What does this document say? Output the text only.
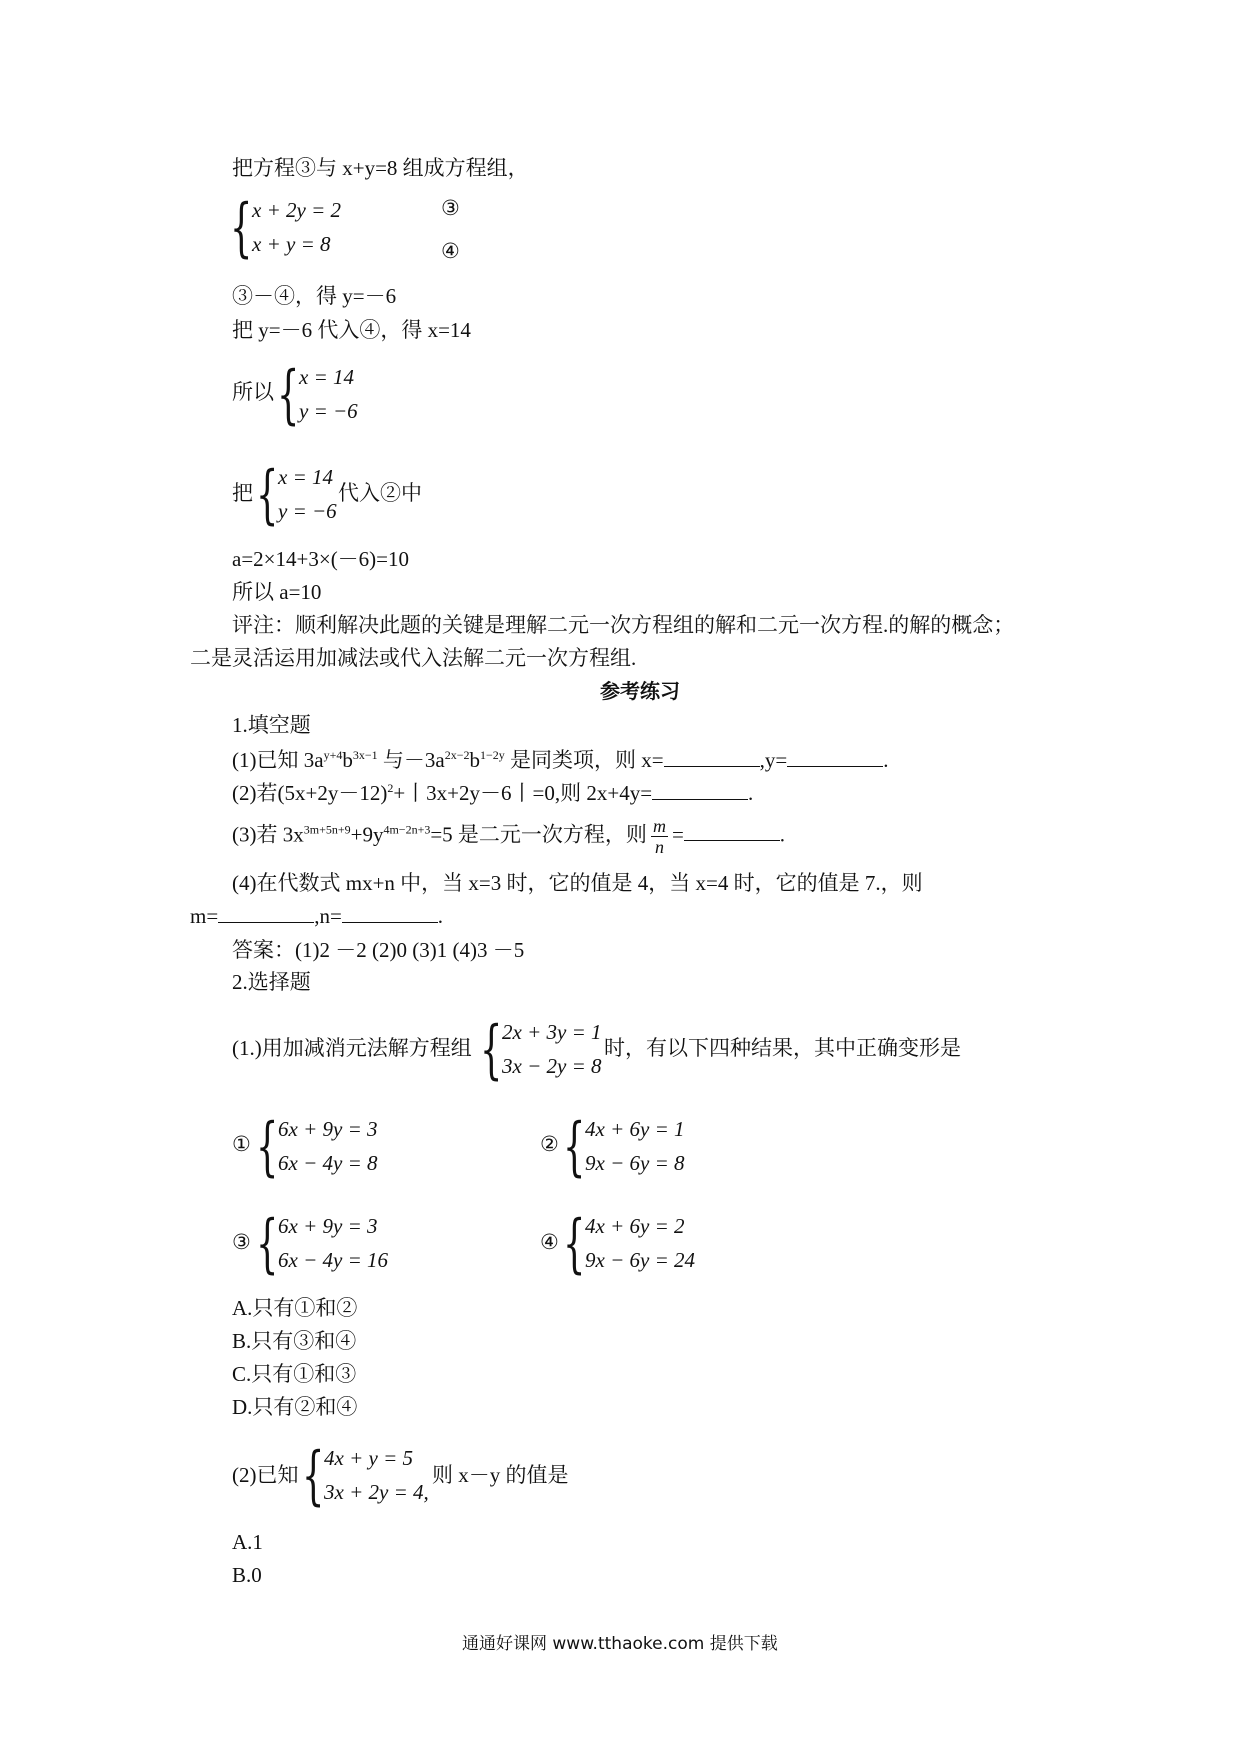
把方程③与 x+y=8 组成方程组，
{ x + 2y = 2
x + y = 8
③
④
③－④，得 y=－6
把 y=－6 代入④，得 x=14
所以 { x = 14
y = −6
把 { x = 14
y = −6
代入②中
a=2×14+3×(－6)=10
所以 a=10
评注：顺利解决此题的关键是理解二元一次方程组的解和二元一次方程.的解的概念；
二是灵活运用加减法或代入法解二元一次方程组.
参考练习
1.填空题
(1)已知 $3a^{y+4}b^{3x-1}$ 与$-3a^{2x-2}b^{1-2y}$ 是同类项，则 x=	,y=	.
(2)若$(5x+2y-12)^2+$丨3x+2y－6丨=0,则 2x+4y=	.
(3)若 $3x^{3m+5n+9}+9y^{4m-2n+3}=5$ 是二元一次方程，则 $\frac{m}{n}$ =	.
(4)在代数式 mx+n 中，当 x=3 时，它的值是 4，当 x=4 时，它的值是 7.，则
m=	,n=	.
答案：(1)2 －2 (2)0 (3)1 (4)3 －5
2.选择题
(1.)用加减消元法解方程组 { 2x + 3y = 1
3x − 2y = 8
时，有以下四种结果，其中正确变形是
① { 6x + 9y = 3
6x − 4y = 8
② { 4x + 6y = 1
9x − 6y = 8
③ { 6x + 9y = 3
6x − 4y = 16
④ { 4x + 6y = 2
9x − 6y = 24
A.只有①和②
B.只有③和④
C.只有①和③
D.只有②和④
(2)已知 { 4x + y = 5
3x + 2y = 4,
则 x－y 的值是
A.1
B.0
通通好课网 www.tthaoke.com 提供下载
